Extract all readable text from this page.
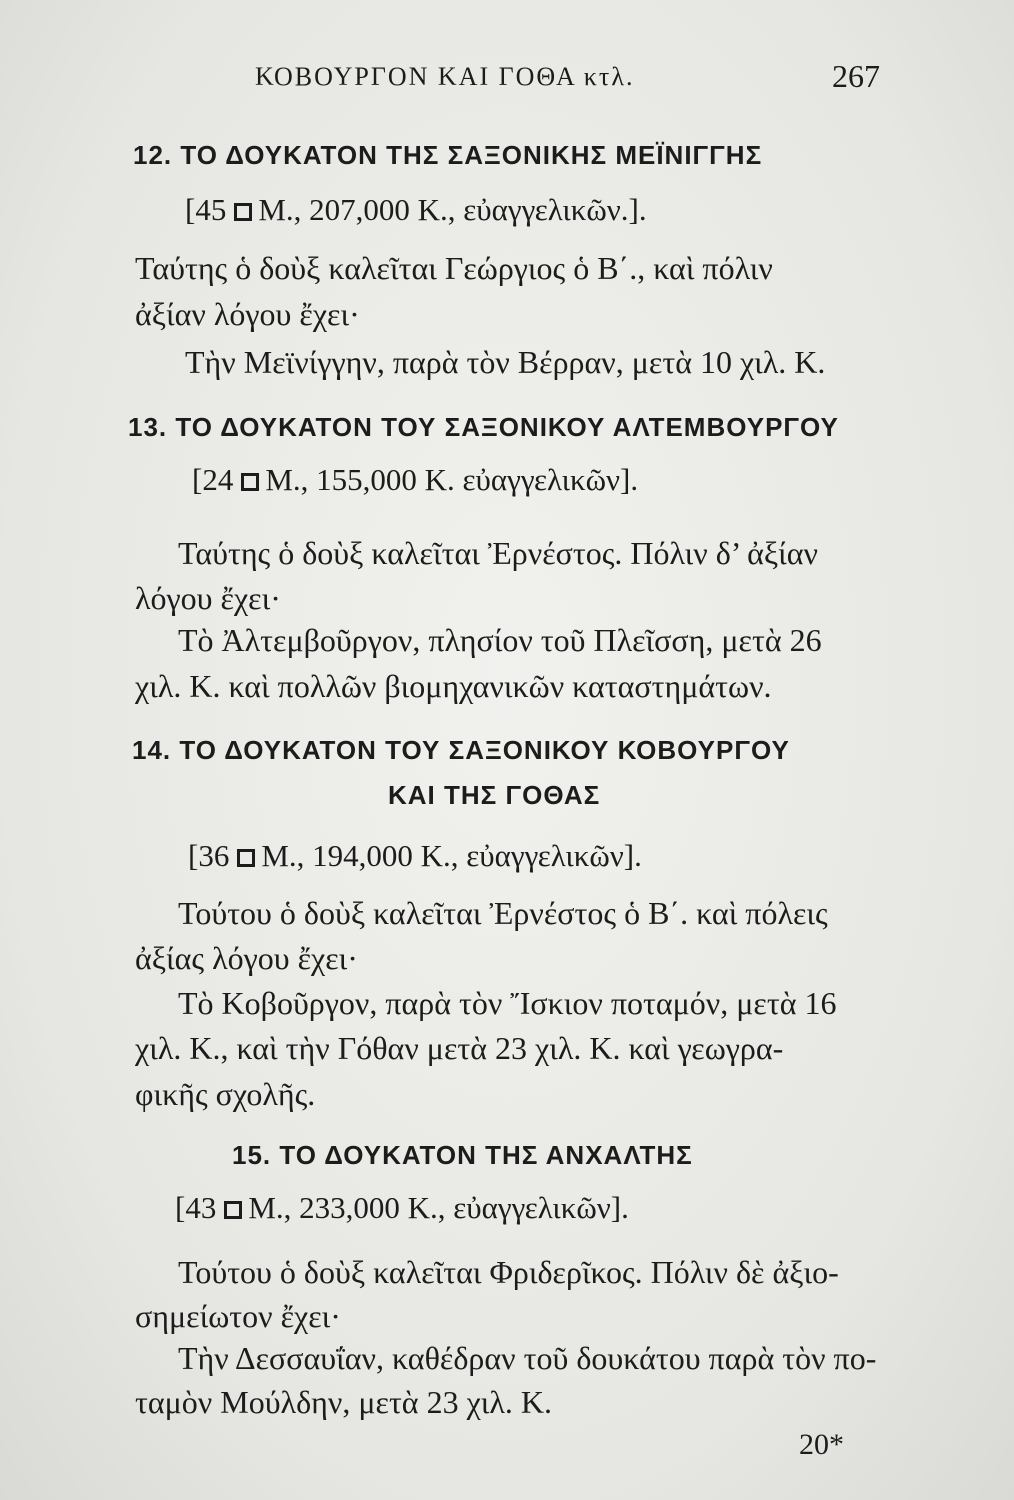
ΚΟΒΟΥΡΓΟΝ ΚΑΙ ΓΟΘΑ κτλ.	267
12. ΤΟ ΔΟΥΚΑΤΟΝ ΤΗΣ ΣΑΞΟΝΙΚΗΣ ΜΕΪΝΙΓΓΗΣ
[45 Μ., 207,000 Κ., εὐαγγελικῶν.].
Ταύτης ὁ δοὺξ καλεῖται Γεώργιος ὁ Β΄., καὶ πόλιν
ἀξίαν λόγου ἔχει·
Τὴν Μεϊνίγγην, παρὰ τὸν Βέρραν, μετὰ 10 χιλ. Κ.
13. ΤΟ ΔΟΥΚΑΤΟΝ ΤΟΥ ΣΑΞΟΝΙΚΟΥ ΑΛΤΕΜΒΟΥΡΓΟΥ
[24 Μ., 155,000 Κ. εὐαγγελικῶν].
Ταύτης ὁ δοὺξ καλεῖται Ἐρνέστος. Πόλιν δ’ ἀξίαν
λόγου ἔχει·
Τὸ Ἀλτεμβοῦργον, πλησίον τοῦ Πλεῖσση, μετὰ 26
χιλ. Κ. καὶ πολλῶν βιομηχανικῶν καταστημάτων.
14. ΤΟ ΔΟΥΚΑΤΟΝ ΤΟΥ ΣΑΞΟΝΙΚΟΥ ΚΟΒΟΥΡΓΟΥ
ΚΑΙ ΤΗΣ ΓΟΘΑΣ
[36 Μ., 194,000 Κ., εὐαγγελικῶν].
Τούτου ὁ δοὺξ καλεῖται Ἐρνέστος ὁ Β΄. καὶ πόλεις
ἀξίας λόγου ἔχει·
Τὸ Κοβοῦργον, παρὰ τὸν Ἴσκιον ποταμόν, μετὰ 16
χιλ. Κ., καὶ τὴν Γόθαν μετὰ 23 χιλ. Κ. καὶ γεωγρα-
φικῆς σχολῆς.
15. ΤΟ ΔΟΥΚΑΤΟΝ ΤΗΣ ΑΝΧΑΛΤΗΣ
[43 Μ., 233,000 Κ., εὐαγγελικῶν].
Τούτου ὁ δοὺξ καλεῖται Φριδερῖκος. Πόλιν δὲ ἀξιο-
σημείωτον ἔχει·
Τὴν Δεσσαυΐαν, καθέδραν τοῦ δουκάτου παρὰ τὸν πο-
ταμὸν Μούλδην, μετὰ 23 χιλ. Κ.
20*
